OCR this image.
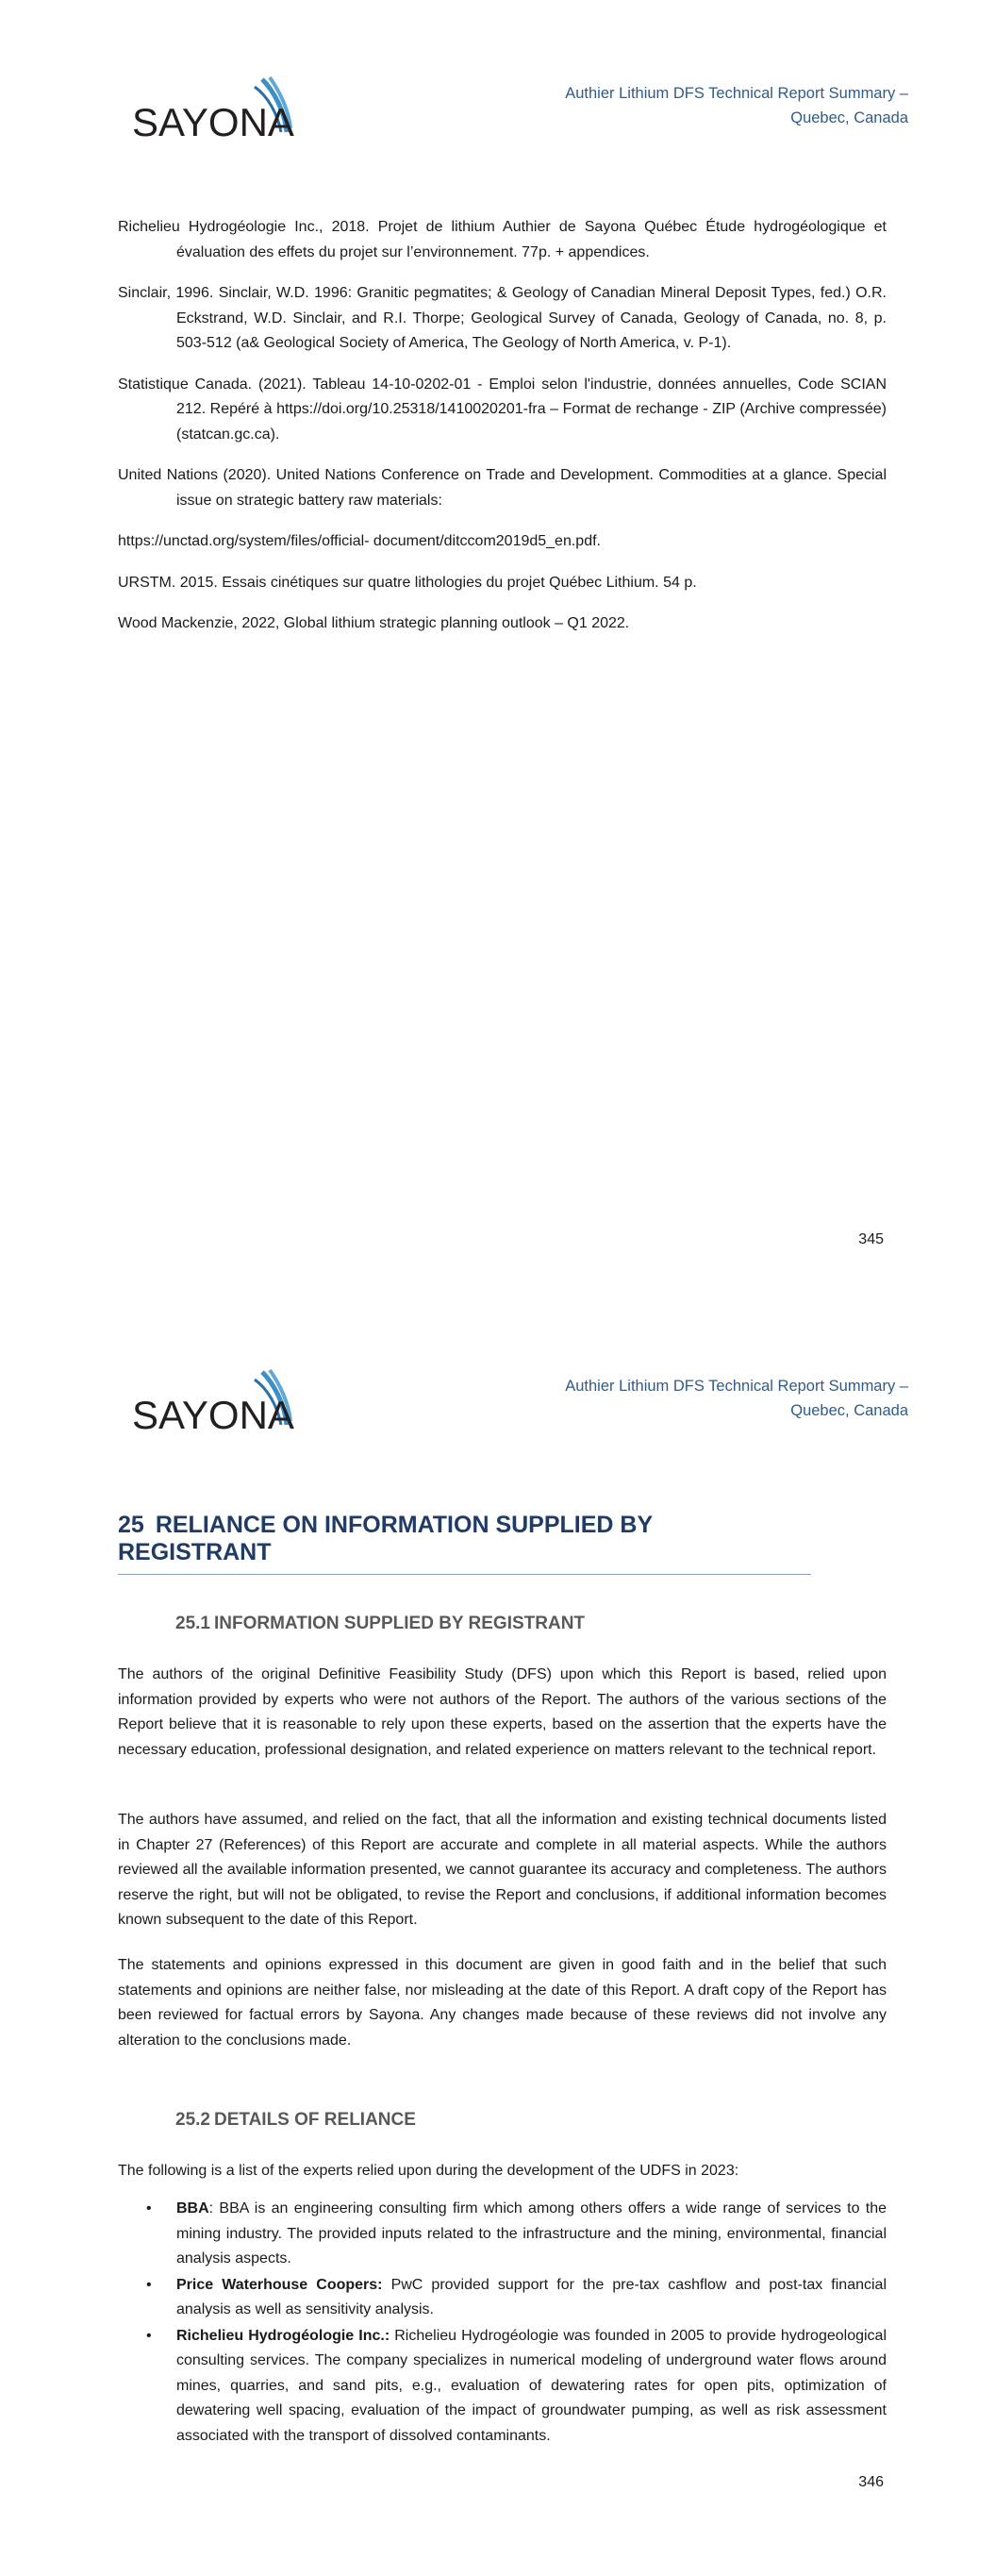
SAYONA
Authier Lithium DFS Technical Report Summary –
Quebec, Canada

Richelieu Hydrogéologie Inc., 2018. Projet de lithium Authier de Sayona Québec Étude hydrogéologique et évaluation des effets du projet sur l’environnement. 77p. + appendices.

Sinclair, 1996. Sinclair, W.D. 1996: Granitic pegmatites; & Geology of Canadian Mineral Deposit Types, fed.) O.R. Eckstrand, W.D. Sinclair, and R.I. Thorpe; Geological Survey of Canada, Geology of Canada, no. 8, p. 503-512 (a& Geological Society of America, The Geology of North America, v. P-1).

Statistique Canada. (2021). Tableau 14-10-0202-01 - Emploi selon l'industrie, données annuelles, Code SCIAN 212. Repéré à https://doi.org/10.25318/1410020201-fra – Format de rechange - ZIP (Archive compressée) (statcan.gc.ca).

United Nations (2020). United Nations Conference on Trade and Development. Commodities at a glance. Special issue on strategic battery raw materials:

https://unctad.org/system/files/official- document/ditccom2019d5_en.pdf.

URSTM. 2015. Essais cinétiques sur quatre lithologies du projet Québec Lithium. 54 p.

Wood Mackenzie, 2022, Global lithium strategic planning outlook – Q1 2022.

345
SAYONA
Authier Lithium DFS Technical Report Summary –
Quebec, Canada
25 RELIANCE ON INFORMATION SUPPLIED BY REGISTRANT
25.1 INFORMATION SUPPLIED BY REGISTRANT

The authors of the original Definitive Feasibility Study (DFS) upon which this Report is based, relied upon information provided by experts who were not authors of the Report. The authors of the various sections of the Report believe that it is reasonable to rely upon these experts, based on the assertion that the experts have the necessary education, professional designation, and related experience on matters relevant to the technical report.

The authors have assumed, and relied on the fact, that all the information and existing technical documents listed in Chapter 27 (References) of this Report are accurate and complete in all material aspects. While the authors reviewed all the available information presented, we cannot guarantee its accuracy and completeness. The authors reserve the right, but will not be obligated, to revise the Report and conclusions, if additional information becomes known subsequent to the date of this Report.

The statements and opinions expressed in this document are given in good faith and in the belief that such statements and opinions are neither false, nor misleading at the date of this Report. A draft copy of the Report has been reviewed for factual errors by Sayona. Any changes made because of these reviews did not involve any alteration to the conclusions made.

25.2 DETAILS OF RELIANCE

The following is a list of the experts relied upon during the development of the UDFS in 2023:

• BBA: BBA is an engineering consulting firm which among others offers a wide range of services to the mining industry. The provided inputs related to the infrastructure and the mining, environmental, financial analysis aspects.
• Price Waterhouse Coopers: PwC provided support for the pre-tax cashflow and post-tax financial analysis as well as sensitivity analysis.
• Richelieu Hydrogéologie Inc.: Richelieu Hydrogéologie was founded in 2005 to provide hydrogeological consulting services. The company specializes in numerical modeling of underground water flows around mines, quarries, and sand pits, e.g., evaluation of dewatering rates for open pits, optimization of dewatering well spacing, evaluation of the impact of groundwater pumping, as well as risk assessment associated with the transport of dissolved contaminants.
346
